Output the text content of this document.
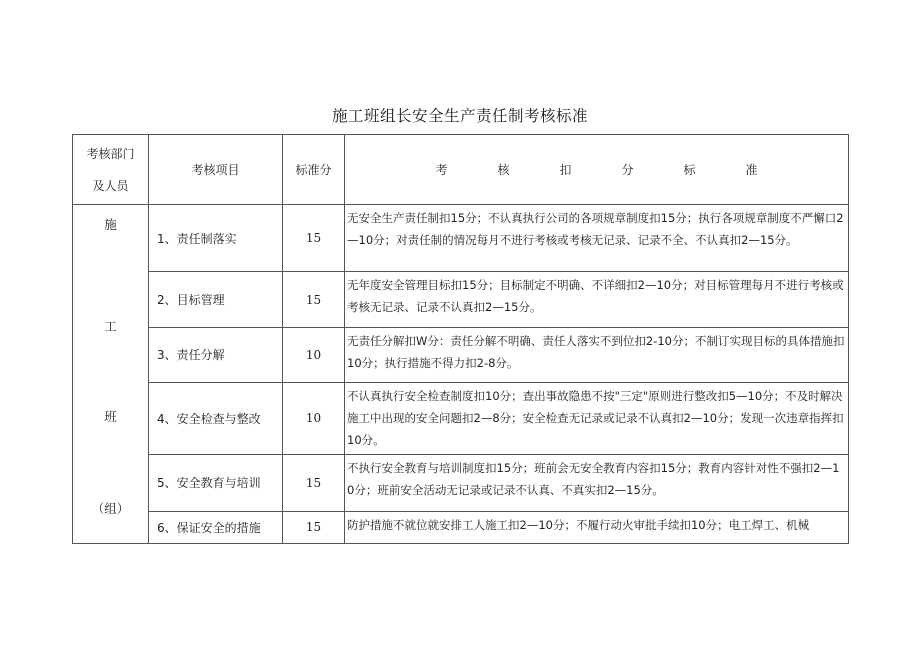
施工班组长安全生产责任制考核标准
考核部门
及人员	考核项目	标准分	考 核 扣 分 标 准

施
工
班
（组）	1、责任制落实	15	无安全生产责任制扣15分；不认真执行公司的各项规章制度扣15分；执行各项规章制度不严懈口2—10分；对责任制的情况每月不进行考核或考核无记录、记录不全、不认真扣2—15分。
	2、目标管理	15	无年度安全管理目标扣15分；目标制定不明确、不详细扣2—10分；对目标管理每月不进行考核或考核无记录、记录不认真扣2—15分。
	3、责任分解	10	无责任分解扣W分：责任分解不明确、责任人落实不到位扣2-10分；不制订实现目标的具体措施扣10分；执行措施不得力扣2-8分。
	4、安全检查与整改	10	不认真执行安全检查制度扣10分；查出事故隐患不按"三定"原则进行整改扣5—10分；不及时解决施工中出现的安全问题扣2—8分；安全检查无记录或记录不认真扣2—10分；发现一次违章指挥扣10分。
	5、安全教育与培训	15	不执行安全教育与培训制度扣15分；班前会无安全教育内容扣15分；教育内容针对性不强扣2—10分；班前安全活动无记录或记录不认真、不真实扣2—15分。
	6、保证安全的措施	15	防护措施不就位就安排工人施工扣2—10分；不履行动火审批手续扣10分；电工焊工、机械
